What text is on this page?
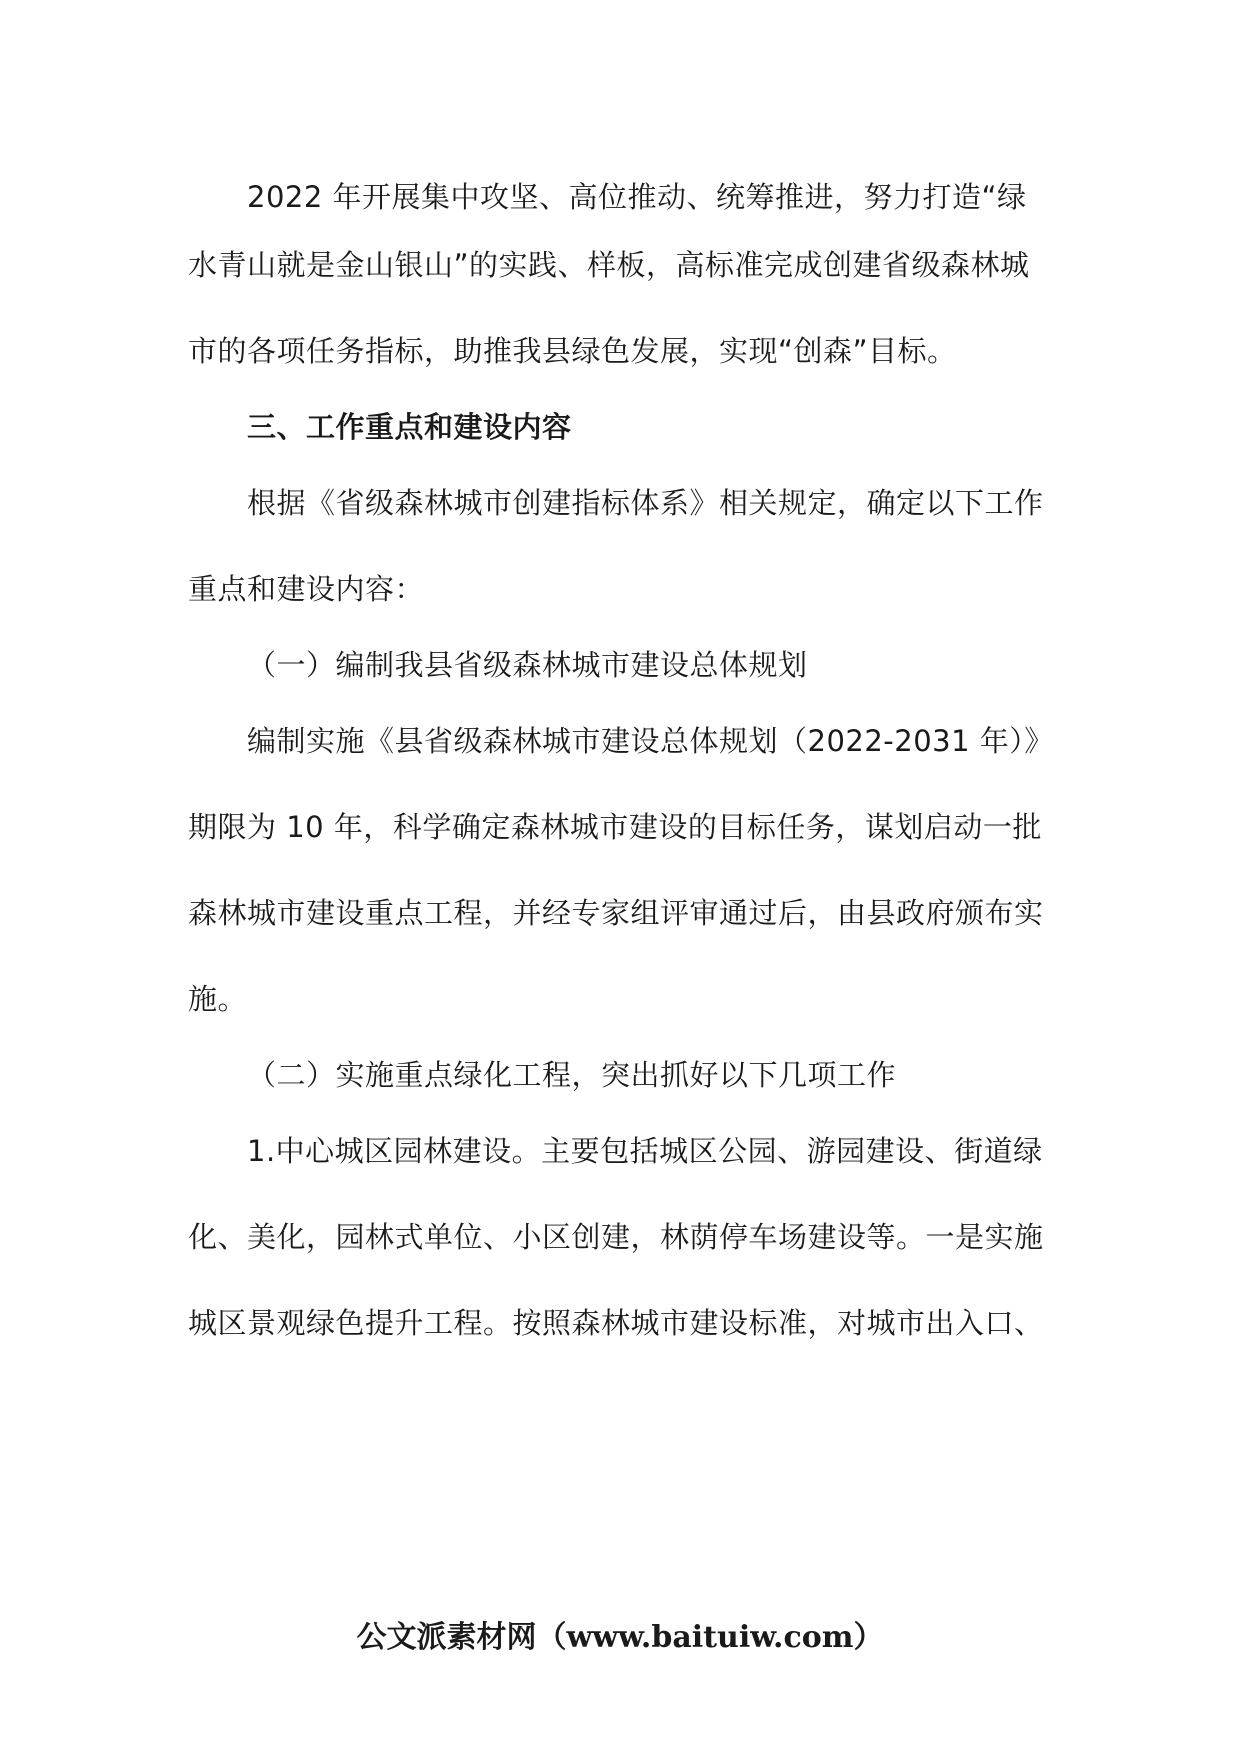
2022 年开展集中攻坚、高位推动、统筹推进，努力打造“绿
水青山就是金山银山”的实践、样板，高标准完成创建省级森林城
市的各项任务指标，助推我县绿色发展，实现“创森”目标。
三、工作重点和建设内容
根据《省级森林城市创建指标体系》相关规定，确定以下工作
重点和建设内容：
（一）编制我县省级森林城市建设总体规划
编制实施《县省级森林城市建设总体规划（2022-2031 年）》
期限为 10 年，科学确定森林城市建设的目标任务，谋划启动一批
森林城市建设重点工程，并经专家组评审通过后，由县政府颁布实
施。
（二）实施重点绿化工程，突出抓好以下几项工作
1.中心城区园林建设。主要包括城区公园、游园建设、街道绿
化、美化，园林式单位、小区创建，林荫停车场建设等。一是实施
城区景观绿色提升工程。按照森林城市建设标准，对城市出入口、
公文派素材网（www.baituiw.com）
